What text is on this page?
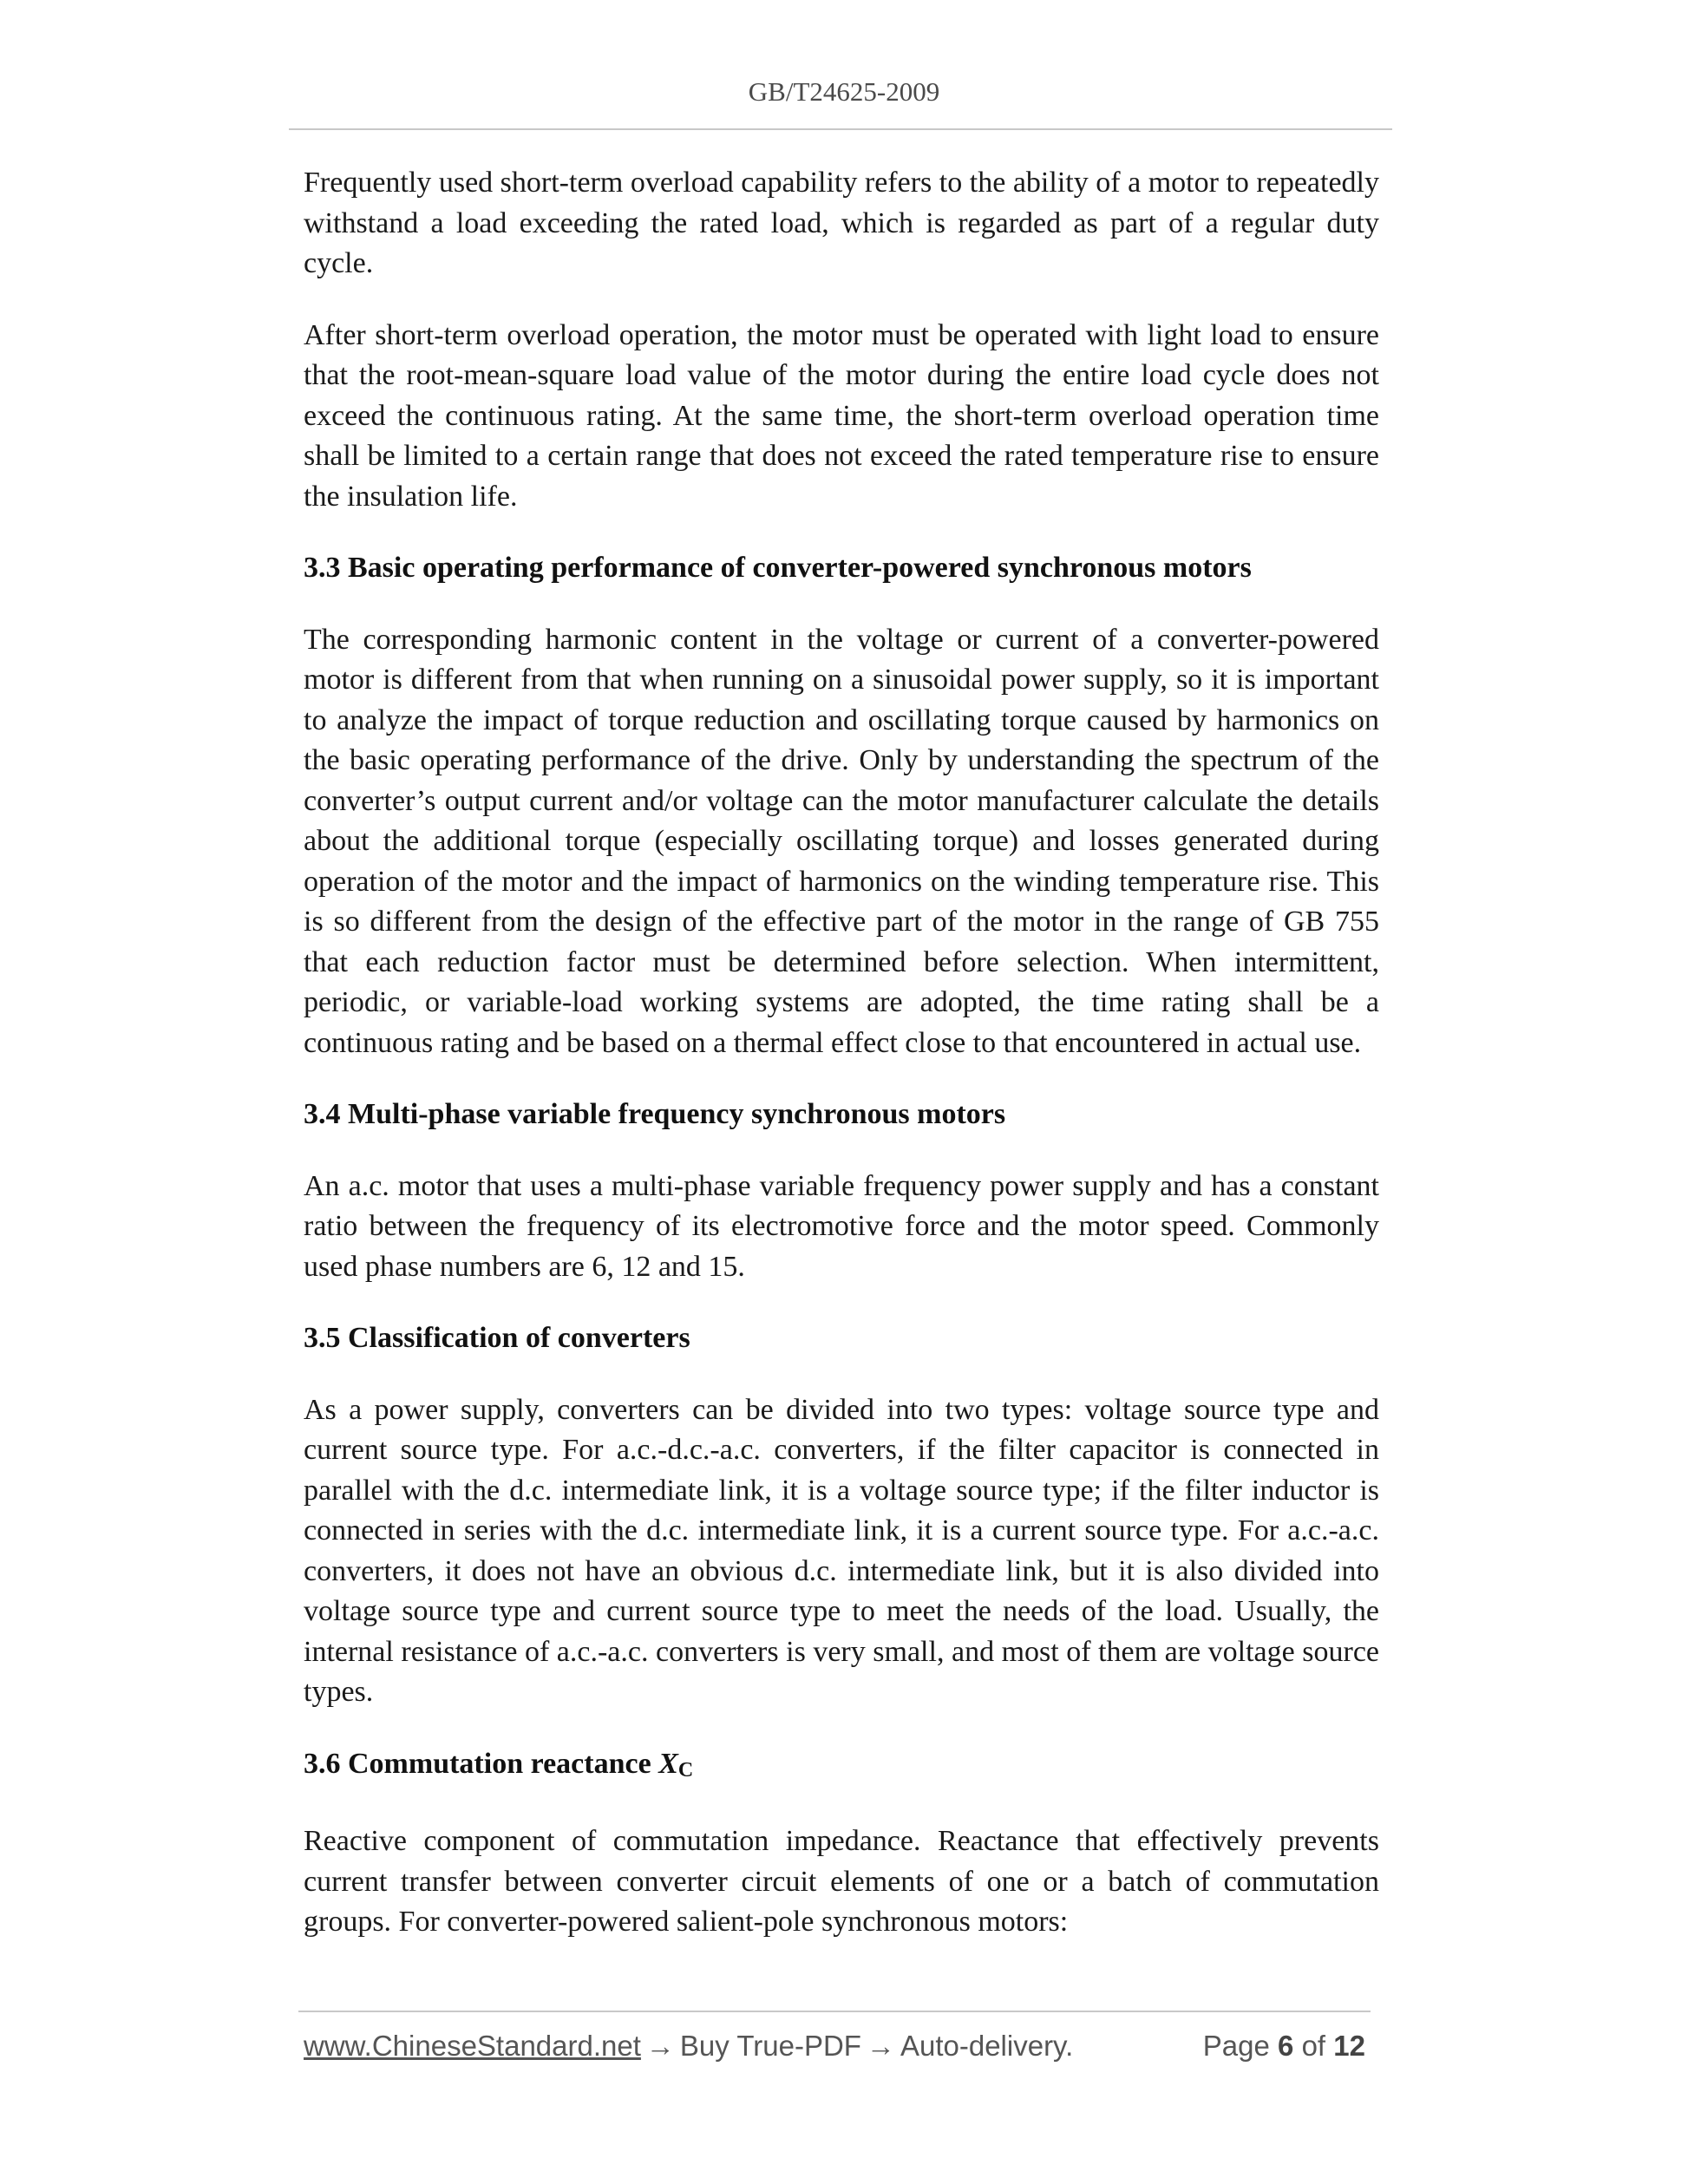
GB/T24625-2009

Frequently used short-term overload capability refers to the ability of a motor to repeatedly withstand a load exceeding the rated load, which is regarded as part of a regular duty cycle.

After short-term overload operation, the motor must be operated with light load to ensure that the root-mean-square load value of the motor during the entire load cycle does not exceed the continuous rating. At the same time, the short-term overload operation time shall be limited to a certain range that does not exceed the rated temperature rise to ensure the insulation life.

3.3 Basic operating performance of converter-powered synchronous motors

The corresponding harmonic content in the voltage or current of a converter-powered motor is different from that when running on a sinusoidal power supply, so it is important to analyze the impact of torque reduction and oscillating torque caused by harmonics on the basic operating performance of the drive. Only by understanding the spectrum of the converter’s output current and/or voltage can the motor manufacturer calculate the details about the additional torque (especially oscillating torque) and losses generated during operation of the motor and the impact of harmonics on the winding temperature rise. This is so different from the design of the effective part of the motor in the range of GB 755 that each reduction factor must be determined before selection. When intermittent, periodic, or variable-load working systems are adopted, the time rating shall be a continuous rating and be based on a thermal effect close to that encountered in actual use.

3.4 Multi-phase variable frequency synchronous motors

An a.c. motor that uses a multi-phase variable frequency power supply and has a constant ratio between the frequency of its electromotive force and the motor speed. Commonly used phase numbers are 6, 12 and 15.

3.5 Classification of converters

As a power supply, converters can be divided into two types: voltage source type and current source type. For a.c.-d.c.-a.c. converters, if the filter capacitor is connected in parallel with the d.c. intermediate link, it is a voltage source type; if the filter inductor is connected in series with the d.c. intermediate link, it is a current source type. For a.c.-a.c. converters, it does not have an obvious d.c. intermediate link, but it is also divided into voltage source type and current source type to meet the needs of the load. Usually, the internal resistance of a.c.-a.c. converters is very small, and most of them are voltage source types.

3.6 Commutation reactance $X_C$

Reactive component of commutation impedance. Reactance that effectively prevents current transfer between converter circuit elements of one or a batch of commutation groups. For converter-powered salient-pole synchronous motors:

www.ChineseStandard.net → Buy True-PDF → Auto-delivery.	Page 6 of 12
